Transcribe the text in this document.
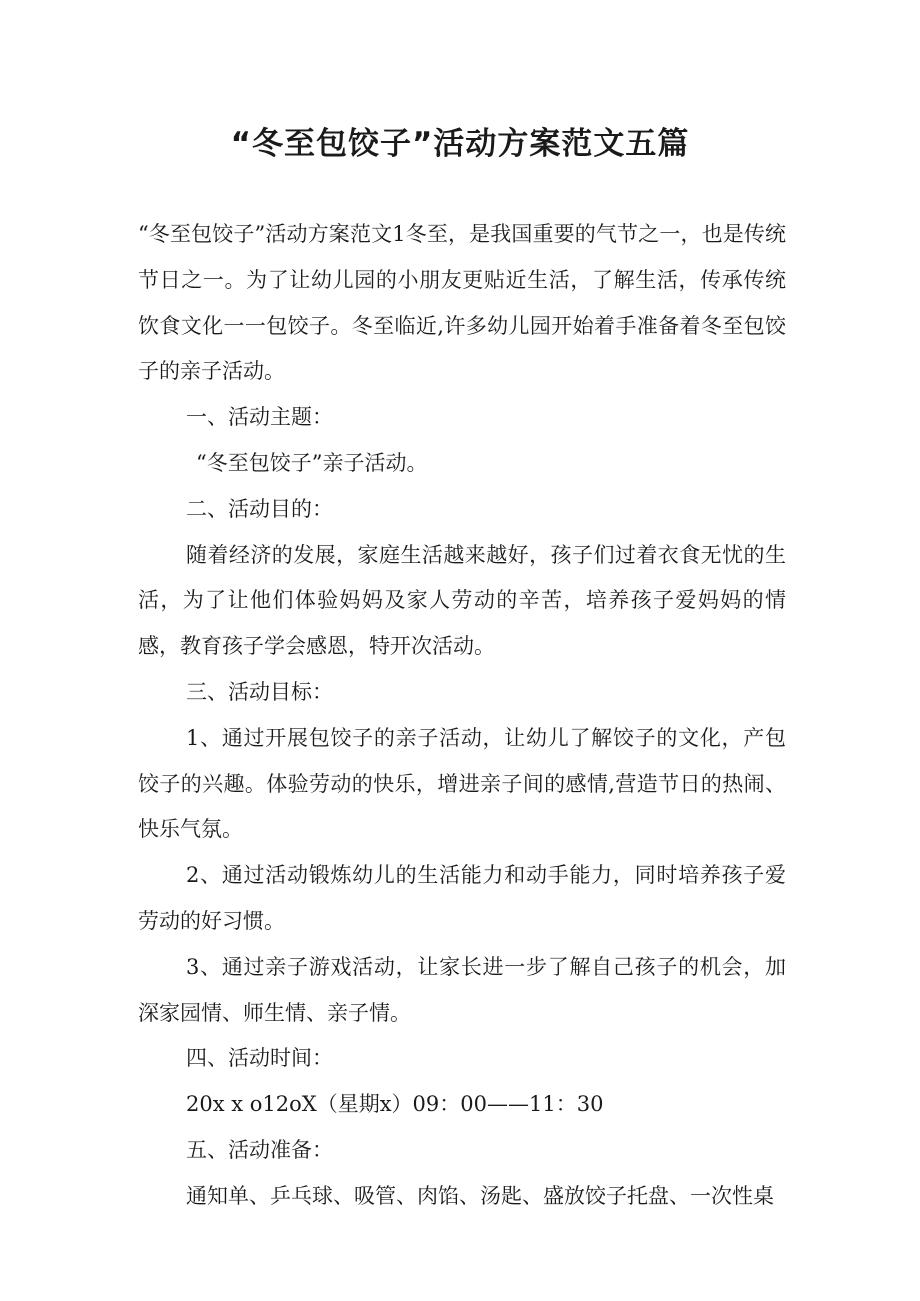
“冬至包饺子”活动方案范文五篇

“冬至包饺子”活动方案范文1冬至，是我国重要的气节之一，也是传统节日之一。为了让幼儿园的小朋友更贴近生活，了解生活，传承传统饮食文化一一包饺子。冬至临近,许多幼儿园开始着手准备着冬至包饺子的亲子活动。

一、活动主题：

“冬至包饺子”亲子活动。

二、活动目的：

随着经济的发展，家庭生活越来越好，孩子们过着衣食无忧的生活，为了让他们体验妈妈及家人劳动的辛苦，培养孩子爱妈妈的情感，教育孩子学会感恩，特开次活动。

三、活动目标：

1、通过开展包饺子的亲子活动，让幼儿了解饺子的文化，产包饺子的兴趣。体验劳动的快乐，增进亲子间的感情,营造节日的热闹、快乐气氛。

2、通过活动锻炼幼儿的生活能力和动手能力，同时培养孩子爱劳动的好习惯。

3、通过亲子游戏活动，让家长进一步了解自己孩子的机会，加深家园情、师生情、亲子情。

四、活动时间：

20x x o12oX（星期x）09：00——11：30

五、活动准备：

通知单、乒乓球、吸管、肉馅、汤匙、盛放饺子托盘、一次性桌
